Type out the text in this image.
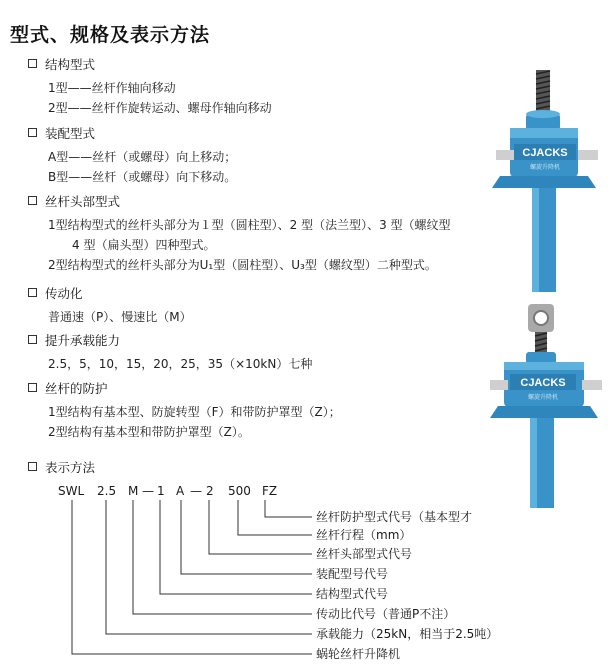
型式、规格及表示方法
结构型式
1型——丝杆作轴向移动
2型——丝杆作旋转运动、螺母作轴向移动
装配型式
A型——丝杆（或螺母）向上移动；
B型——丝杆（或螺母）向下移动。
丝杆头部型式
1型结构型式的丝杆头部分为１型（圆柱型）、2 型（法兰型）、3 型（螺纹型
4 型（扁头型）四种型式。
2型结构型式的丝杆头部分为U₁型（圆柱型）、U₃型（螺纹型）二种型式。
传动化
普通速（P）、慢速比（M）
提升承载能力
2.5，5，10，15，20，25，35（×10kN）七种
丝杆的防护
1型结构有基本型、防旋转型（F）和带防护罩型（Z）；
2型结构有基本型和带防护罩型（Z）。
表示方法
SWL 2.5 M — 1 A — 2 500 FZ
丝杆防护型式代号（基本型才
丝杆行程（mm）
丝杆头部型式代号
装配型号代号
结构型式代号
传动比代号（普通P不注）
承载能力（25kN，相当于2.5吨）
蜗轮丝杆升降机
CJACKS
螺旋升降机
CJACKS
螺旋升降机
